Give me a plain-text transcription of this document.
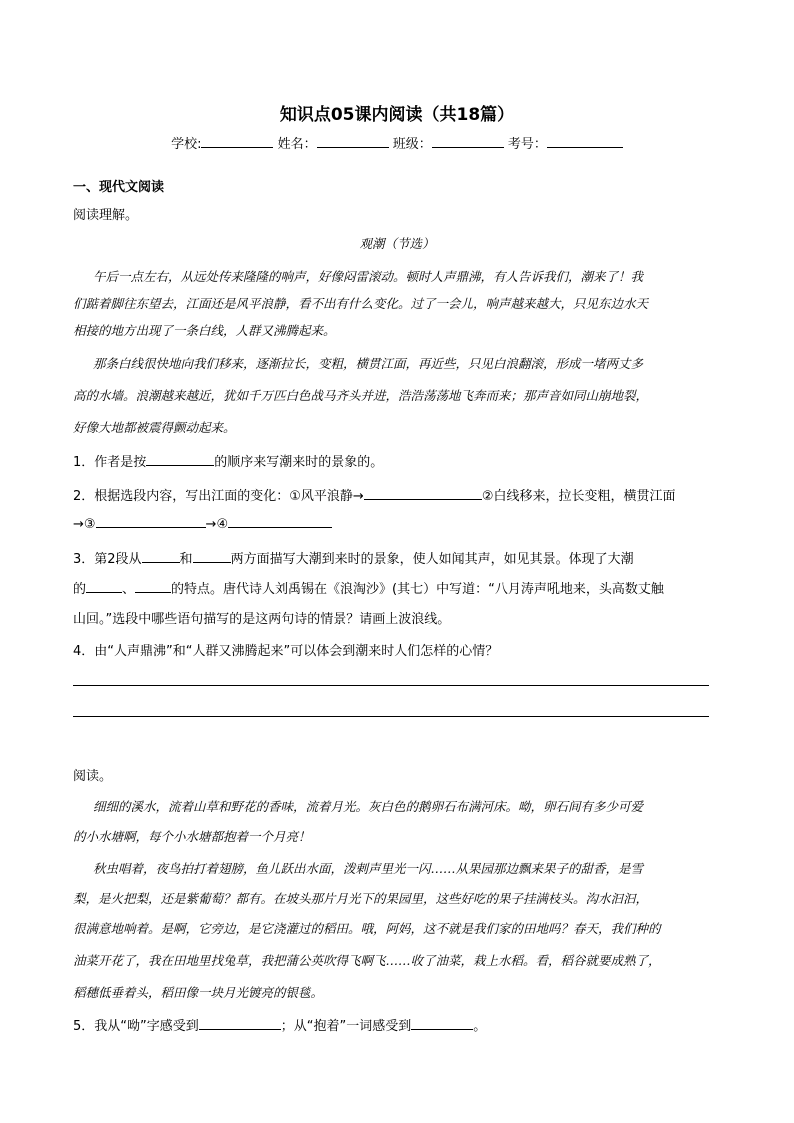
知识点05课内阅读（共18篇）
学校:	姓名：	班级：	考号：
一、现代文阅读
阅读理解。
观潮（节选）
午后一点左右，从远处传来隆隆的响声，好像闷雷滚动。顿时人声鼎沸，有人告诉我们，潮来了！我
们踮着脚往东望去，江面还是风平浪静，看不出有什么变化。过了一会儿，响声越来越大，只见东边水天
相接的地方出现了一条白线，人群又沸腾起来。
那条白线很快地向我们移来，逐渐拉长，变粗，横贯江面，再近些，只见白浪翻滚，形成一堵两丈多
高的水墙。浪潮越来越近，犹如千万匹白色战马齐头并进，浩浩荡荡地飞奔而来；那声音如同山崩地裂，
好像大地都被震得颤动起来。
1．作者是按	的顺序来写潮来时的景象的。
2．根据选段内容，写出江面的变化：①风平浪静→	②白线移来，拉长变粗，横贯江面
→③	→④
3．第2段从	和	两方面描写大潮到来时的景象，使人如闻其声，如见其景。体现了大潮
的	、	的特点。唐代诗人刘禹锡在《浪淘沙》(其七）中写道：“八月涛声吼地来，头高数丈触
山回。”选段中哪些语句描写的是这两句诗的情景？请画上波浪线。
4．由“人声鼎沸”和“人群又沸腾起来”可以体会到潮来时人们怎样的心情？
阅读。
细细的溪水，流着山草和野花的香味，流着月光。灰白色的鹅卵石布满河床。呦，卵石间有多少可爱
的小水塘啊，每个小水塘都抱着一个月亮！
秋虫唱着，夜鸟拍打着翅膀，鱼儿跃出水面，泼剌声里光一闪……从果园那边飘来果子的甜香，是雪
梨，是火把梨，还是紫葡萄？都有。在坡头那片月光下的果园里，这些好吃的果子挂满枝头。沟水汩汩，
很满意地响着。是啊，它旁边，是它浇灌过的稻田。哦，阿妈，这不就是我们家的田地吗？春天，我们种的
油菜开花了，我在田地里找兔草，我把蒲公英吹得飞啊飞……收了油菜，栽上水稻。看，稻谷就要成熟了，
稻穗低垂着头，稻田像一块月光镀亮的银毯。
5．我从“呦”字感受到	；从“抱着”一词感受到	。
